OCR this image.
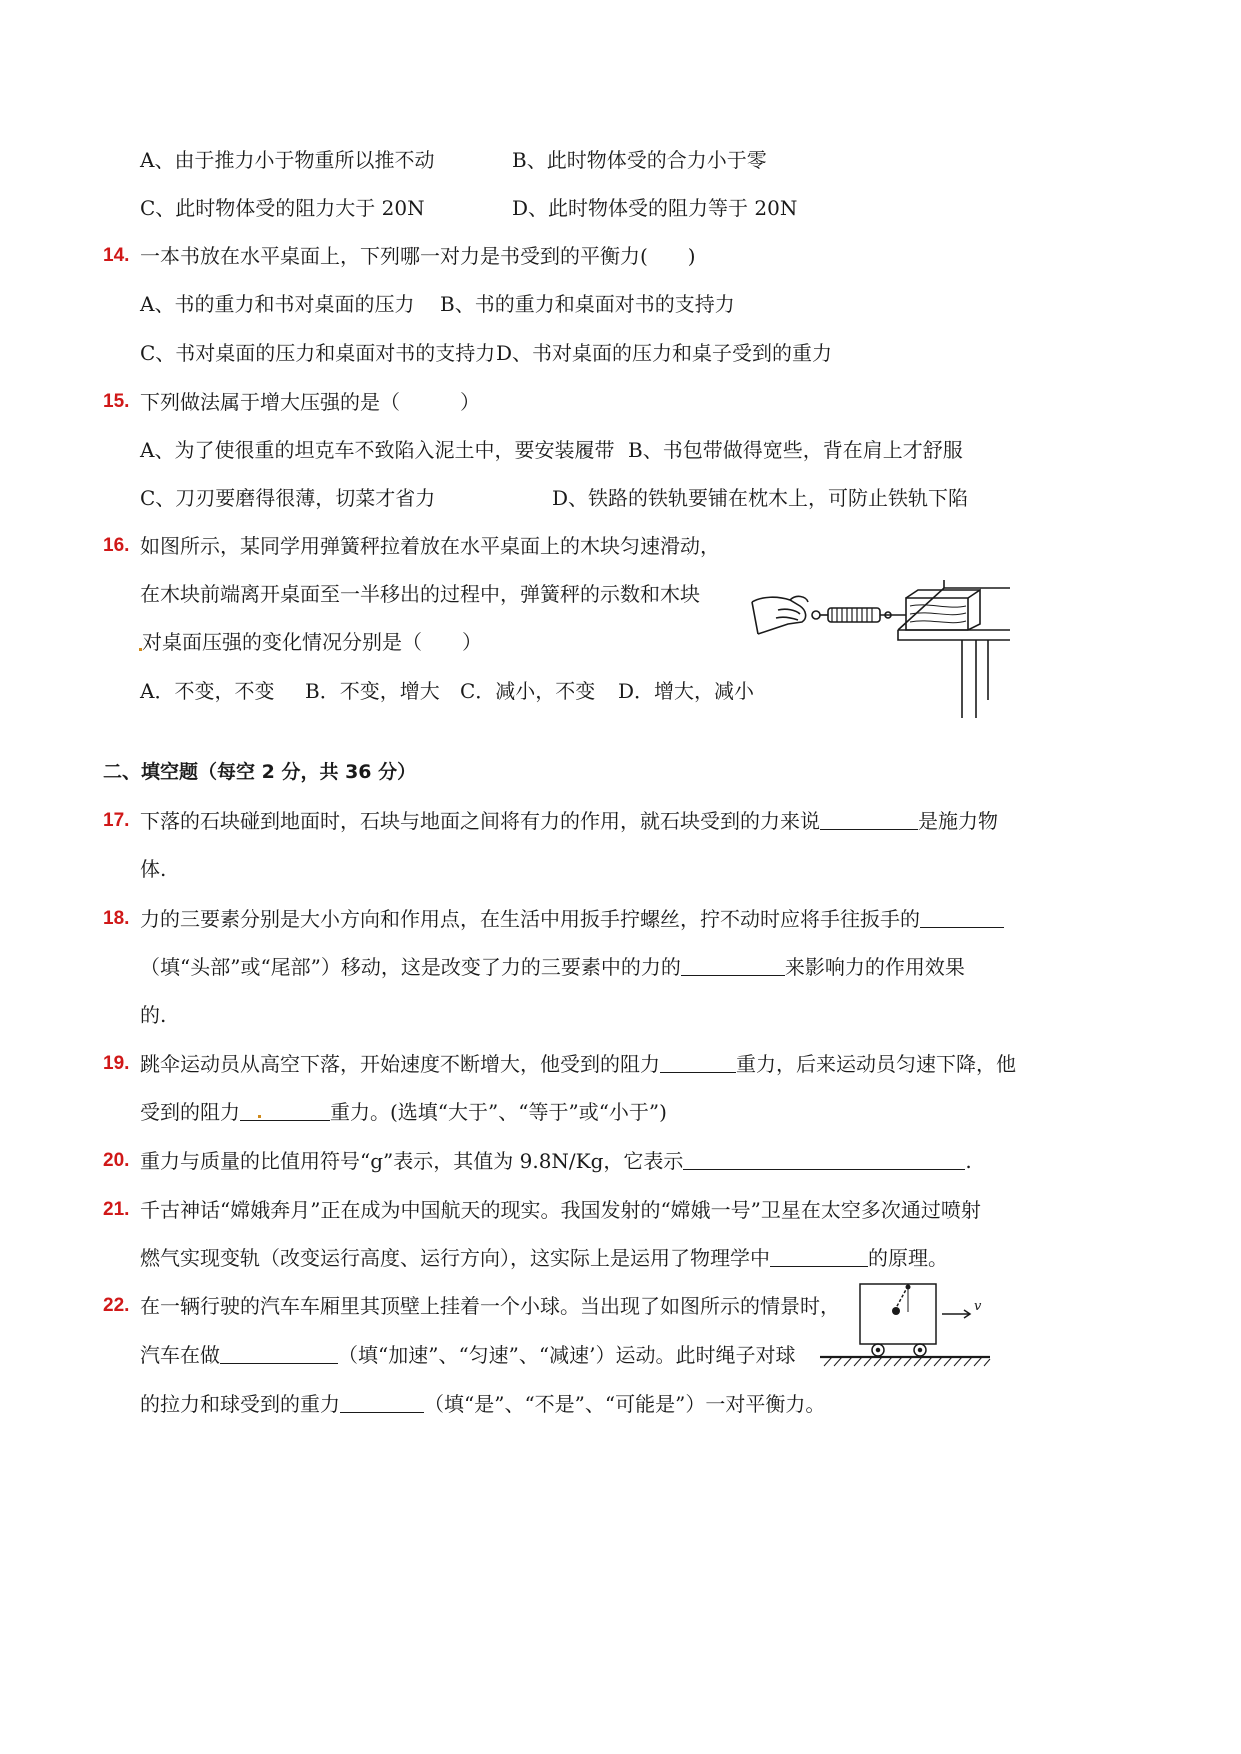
A、由于推力小于物重所以推不动	B、此时物体受的合力小于零
C、此时物体受的阻力大于 20N	D、此时物体受的阻力等于 20N
14. 一本书放在水平桌面上，下列哪一对力是书受到的平衡力(　　)
A、书的重力和书对桌面的压力 B、书的重力和桌面对书的支持力
C、书对桌面的压力和桌面对书的支持力 D、书对桌面的压力和桌子受到的重力
15. 下列做法属于增大压强的是（　　　）
A、为了使很重的坦克车不致陷入泥土中，要安装履带 B、书包带做得宽些，背在肩上才舒服
C、刀刃要磨得很薄，切菜才省力	D、铁路的铁轨要铺在枕木上，可防止铁轨下陷
16. 如图所示，某同学用弹簧秤拉着放在水平桌面上的木块匀速滑动，
在木块前端离开桌面至一半移出的过程中，弹簧秤的示数和木块
对桌面压强的变化情况分别是（　　）
A．不变，不变 B．不变，增大 C．减小，不变 D．增大，减小
二、填空题（每空 2 分，共 36 分）
17. 下落的石块碰到地面时，石块与地面之间将有力的作用，就石块受到的力来说	是施力物
体.
18. 力的三要素分别是大小方向和作用点，在生活中用扳手拧螺丝，拧不动时应将手往扳手的
（填“头部”或“尾部”）移动，这是改变了力的三要素中的力的	来影响力的作用效果
的.
19. 跳伞运动员从高空下落，开始速度不断增大，他受到的阻力	重力，后来运动员匀速下降，他
受到的阻力	重力。(选填“大于”、“等于”或“小于”)
20. 重力与质量的比值用符号“g”表示，其值为 9.8N/Kg，它表示	.
21. 千古神话“嫦娥奔月”正在成为中国航天的现实。我国发射的“嫦娥一号”卫星在太空多次通过喷射
燃气实现变轨（改变运行高度、运行方向），这实际上是运用了物理学中	的原理。
22. 在一辆行驶的汽车车厢里其顶壁上挂着一个小球。当出现了如图所示的情景时，
汽车在做	（填“加速”、“匀速”、“减速’）运动。此时绳子对球
的拉力和球受到的重力	（填“是”、“不是”、“可能是”）一对平衡力。
v
